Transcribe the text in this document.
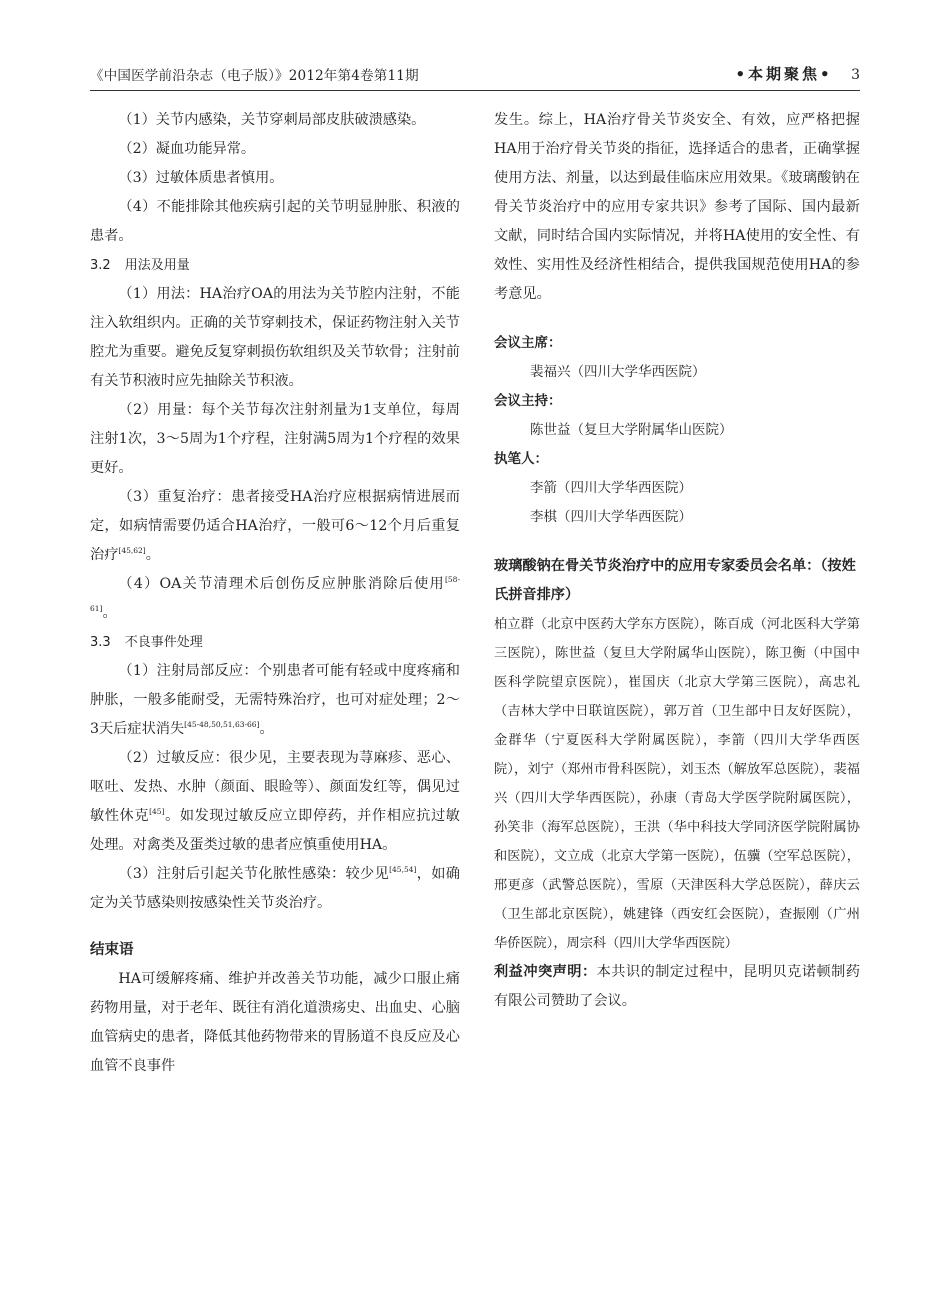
《中国医学前沿杂志（电子版）》2012年第4卷第11期	•本期聚焦• 3

（1）关节内感染，关节穿刺局部皮肤破溃感染。

（2）凝血功能异常。

（3）过敏体质患者慎用。

（4）不能排除其他疾病引起的关节明显肿胀、积液的患者。

3.2 用法及用量

（1）用法：HA治疗OA的用法为关节腔内注射，不能注入软组织内。正确的关节穿刺技术，保证药物注射入关节腔尤为重要。避免反复穿刺损伤软组织及关节软骨；注射前有关节积液时应先抽除关节积液。

（2）用量：每个关节每次注射剂量为1支单位，每周注射1次，3～5周为1个疗程，注射满5周为1个疗程的效果更好。

（3）重复治疗：患者接受HA治疗应根据病情进展而定，如病情需要仍适合HA治疗，一般可6～12个月后重复治疗[45,62]。

（4）OA关节清理术后创伤反应肿胀消除后使用[58-61]。

3.3 不良事件处理

（1）注射局部反应：个别患者可能有轻或中度疼痛和肿胀，一般多能耐受，无需特殊治疗，也可对症处理；2～3天后症状消失[45-48,50,51,63-66]。

（2）过敏反应：很少见，主要表现为荨麻疹、恶心、呕吐、发热、水肿（颜面、眼睑等）、颜面发红等，偶见过敏性休克[45]。如发现过敏反应立即停药，并作相应抗过敏处理。对禽类及蛋类过敏的患者应慎重使用HA。

（3）注射后引起关节化脓性感染：较少见[45,54]，如确定为关节感染则按感染性关节炎治疗。

结束语

HA可缓解疼痛、维护并改善关节功能，减少口服止痛药物用量，对于老年、既往有消化道溃疡史、出血史、心脑血管病史的患者，降低其他药物带来的胃肠道不良反应及心血管不良事件

发生。综上，HA治疗骨关节炎安全、有效，应严格把握HA用于治疗骨关节炎的指征，选择适合的患者，正确掌握使用方法、剂量，以达到最佳临床应用效果。《玻璃酸钠在骨关节炎治疗中的应用专家共识》参考了国际、国内最新文献，同时结合国内实际情况，并将HA使用的安全性、有效性、实用性及经济性相结合，提供我国规范使用HA的参考意见。

会议主席：

裴福兴（四川大学华西医院）

会议主持：

陈世益（复旦大学附属华山医院）

执笔人：

李箭（四川大学华西医院）

李棋（四川大学华西医院）

玻璃酸钠在骨关节炎治疗中的应用专家委员会名单：（按姓氏拼音排序）

柏立群（北京中医药大学东方医院），陈百成（河北医科大学第三医院），陈世益（复旦大学附属华山医院），陈卫衡（中国中医科学院望京医院），崔国庆（北京大学第三医院），高忠礼（吉林大学中日联谊医院），郭万首（卫生部中日友好医院），金群华（宁夏医科大学附属医院），李箭（四川大学华西医院），刘宁（郑州市骨科医院），刘玉杰（解放军总医院），裴福兴（四川大学华西医院），孙康（青岛大学医学院附属医院），孙笑非（海军总医院），王洪（华中科技大学同济医学院附属协和医院），文立成（北京大学第一医院），伍骥（空军总医院），邢更彦（武警总医院），雪原（天津医科大学总医院），薛庆云（卫生部北京医院），姚建锋（西安红会医院），查振刚（广州华侨医院），周宗科（四川大学华西医院）

利益冲突声明：本共识的制定过程中，昆明贝克诺顿制药有限公司赞助了会议。
